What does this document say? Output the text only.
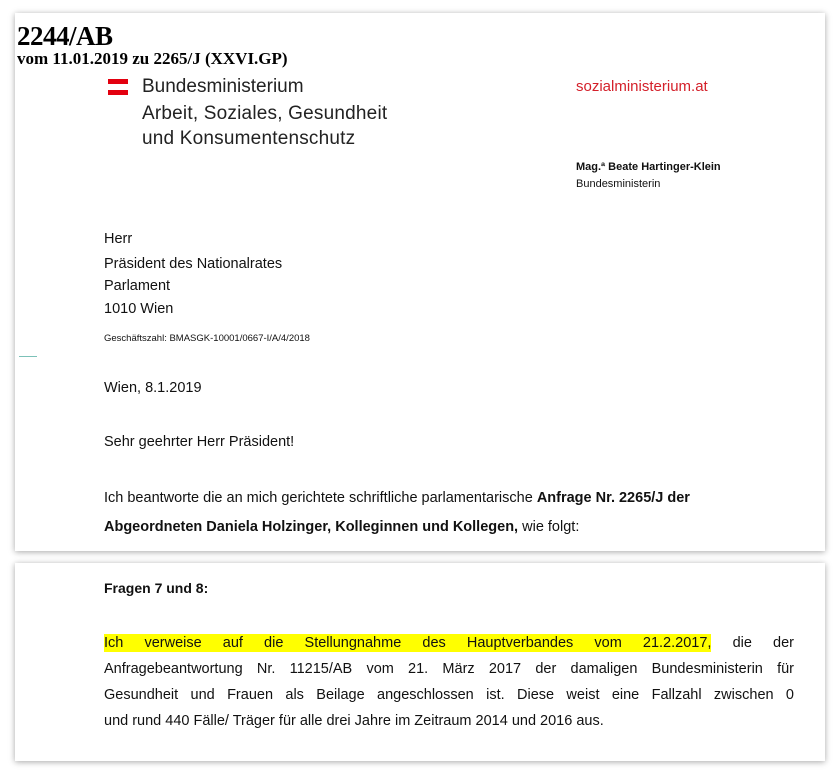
2244/AB
vom 11.01.2019 zu 2265/J (XXVI.GP)
Bundesministerium
Arbeit, Soziales, Gesundheit
und Konsumentenschutz
sozialministerium.at
Mag.ª Beate Hartinger-Klein
Bundesministerin
Herr
Präsident des Nationalrates
Parlament
1010 Wien
Geschäftszahl: BMASGK-10001/0667-I/A/4/2018
Wien, 8.1.2019
Sehr geehrter Herr Präsident!
Ich beantworte die an mich gerichtete schriftliche parlamentarische Anfrage Nr. 2265/J der
Abgeordneten Daniela Holzinger, Kolleginnen und Kollegen, wie folgt:
Fragen 7 und 8:
Ich verweise auf die Stellungnahme des Hauptverbandes vom 21.2.2017, die der
Anfragebeantwortung Nr. 11215/AB vom 21. März 2017 der damaligen Bundesministerin für
Gesundheit und Frauen als Beilage angeschlossen ist. Diese weist eine Fallzahl zwischen 0
und rund 440 Fälle/ Träger für alle drei Jahre im Zeitraum 2014 und 2016 aus.
